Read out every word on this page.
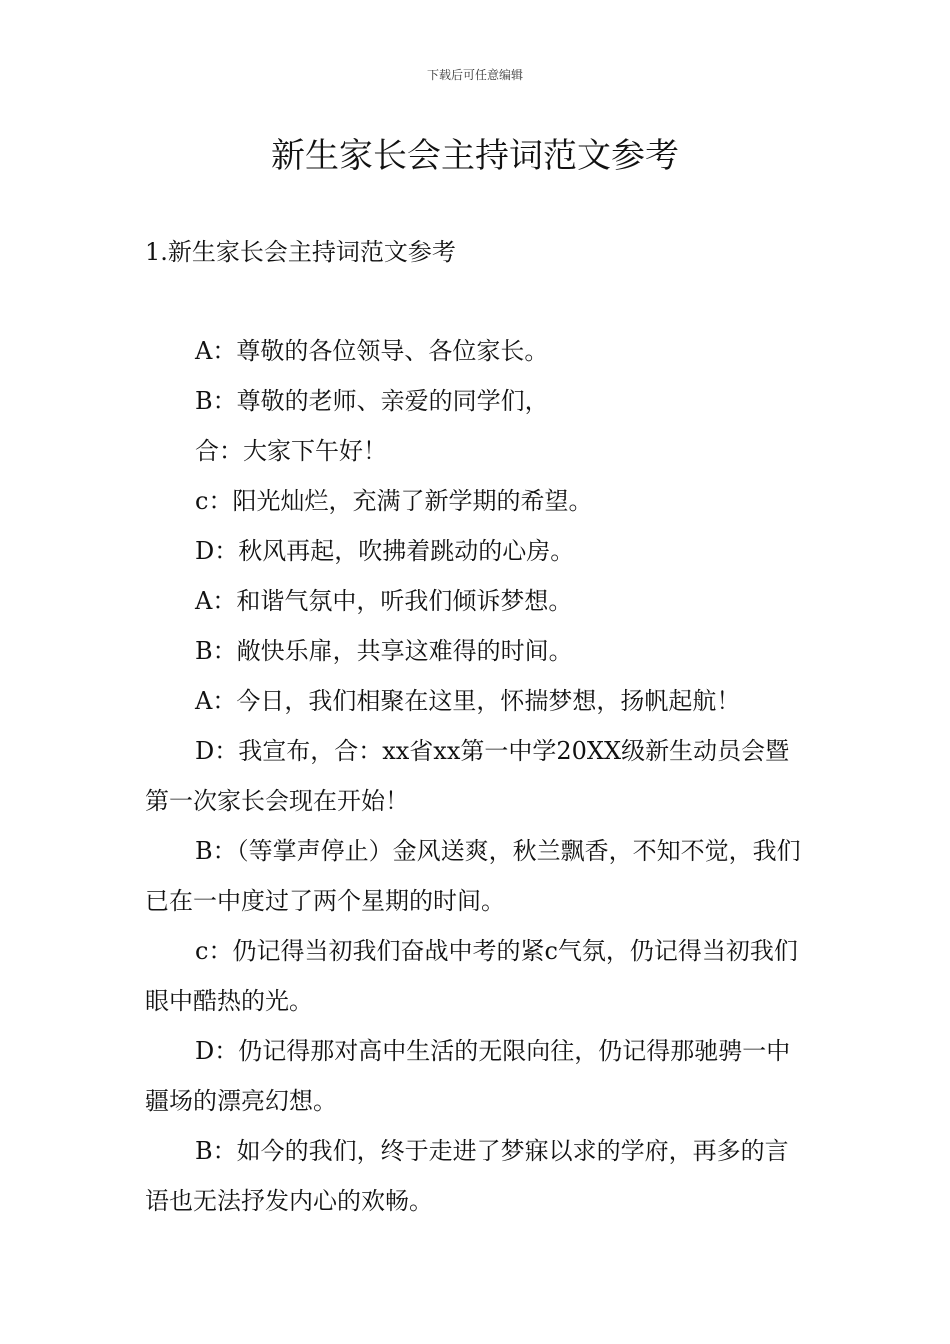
下载后可任意编辑
新生家长会主持词范文参考
1.新生家长会主持词范文参考

A：尊敬的各位领导、各位家长。

B：尊敬的老师、亲爱的同学们，

合：大家下午好！

c：阳光灿烂，充满了新学期的希望。

D：秋风再起，吹拂着跳动的心房。

A：和谐气氛中，听我们倾诉梦想。

B：敞快乐扉，共享这难得的时间。

A：今日，我们相聚在这里，怀揣梦想，扬帆起航！

D：我宣布，合：xx省xx第一中学20XX级新生动员会暨第一次家长会现在开始！

B：（等掌声停止）金风送爽，秋兰飘香，不知不觉，我们已在一中度过了两个星期的时间。

c：仍记得当初我们奋战中考的紧c气氛，仍记得当初我们眼中酷热的光。

D：仍记得那对高中生活的无限向往，仍记得那驰骋一中疆场的漂亮幻想。

B：如今的我们，终于走进了梦寐以求的学府，再多的言语也无法抒发内心的欢畅。
